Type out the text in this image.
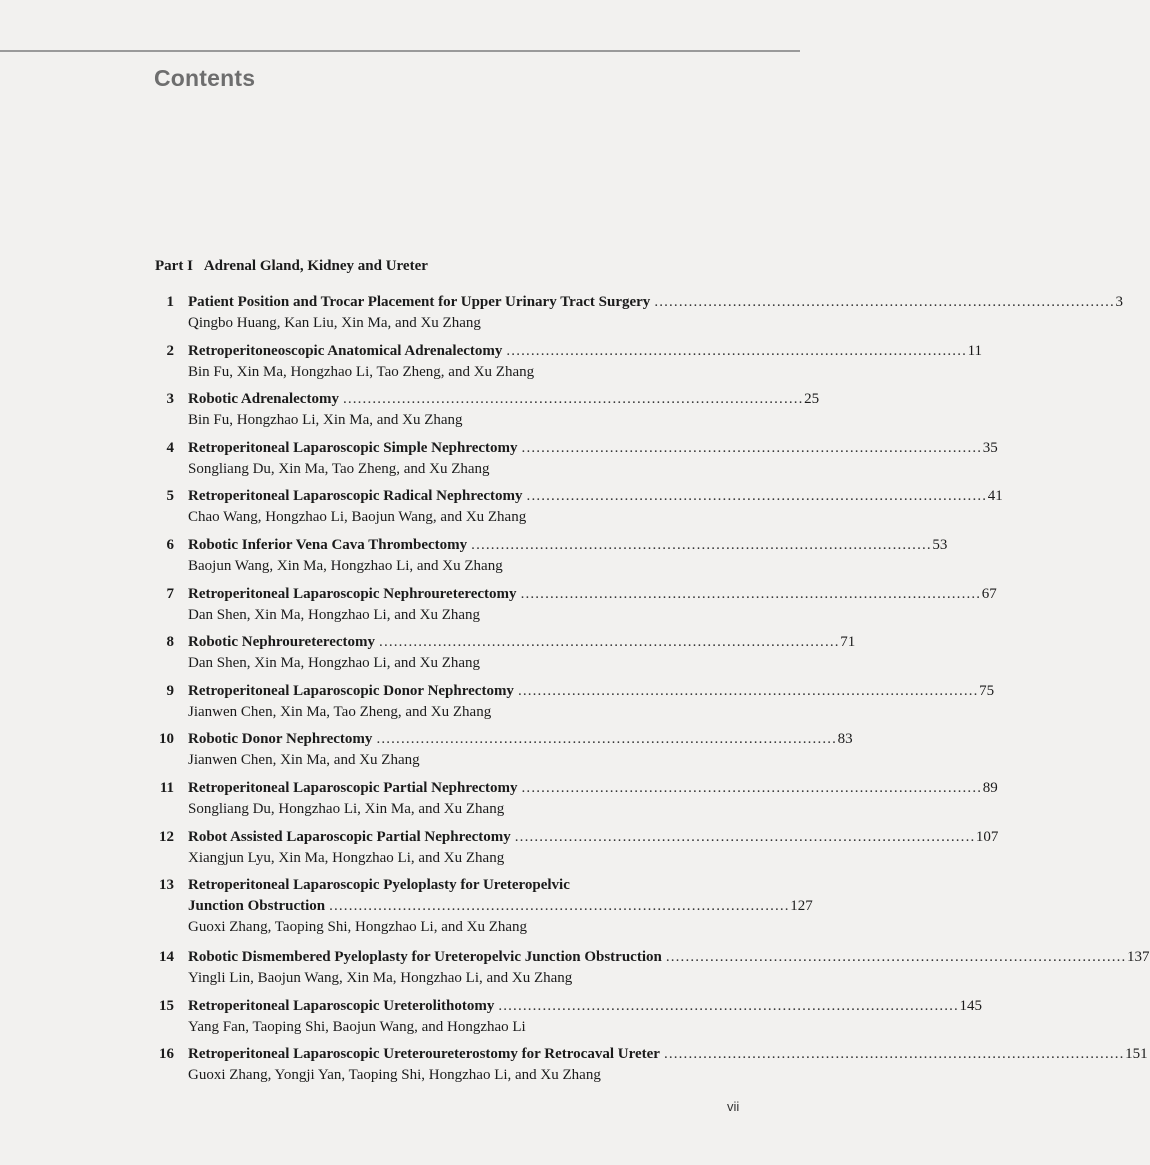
Contents
Part I Adrenal Gland, Kidney and Ureter
1 Patient Position and Trocar Placement for Upper Urinary Tract Surgery . . .	3
Qingbo Huang, Kan Liu, Xin Ma, and Xu Zhang
2 Retroperitoneoscopic Anatomical Adrenalectomy . . .	11
Bin Fu, Xin Ma, Hongzhao Li, Tao Zheng, and Xu Zhang
3 Robotic Adrenalectomy . . .	25
Bin Fu, Hongzhao Li, Xin Ma, and Xu Zhang
4 Retroperitoneal Laparoscopic Simple Nephrectomy . . .	35
Songliang Du, Xin Ma, Tao Zheng, and Xu Zhang
5 Retroperitoneal Laparoscopic Radical Nephrectomy . . .	41
Chao Wang, Hongzhao Li, Baojun Wang, and Xu Zhang
6 Robotic Inferior Vena Cava Thrombectomy . . .	53
Baojun Wang, Xin Ma, Hongzhao Li, and Xu Zhang
7 Retroperitoneal Laparoscopic Nephroureterectomy . . .	67
Dan Shen, Xin Ma, Hongzhao Li, and Xu Zhang
8 Robotic Nephroureterectomy . . .	71
Dan Shen, Xin Ma, Hongzhao Li, and Xu Zhang
9 Retroperitoneal Laparoscopic Donor Nephrectomy . . .	75
Jianwen Chen, Xin Ma, Tao Zheng, and Xu Zhang
10 Robotic Donor Nephrectomy . . .	83
Jianwen Chen, Xin Ma, and Xu Zhang
11 Retroperitoneal Laparoscopic Partial Nephrectomy . . .	89
Songliang Du, Hongzhao Li, Xin Ma, and Xu Zhang
12 Robot Assisted Laparoscopic Partial Nephrectomy . . .	107
Xiangjun Lyu, Xin Ma, Hongzhao Li, and Xu Zhang
13 Retroperitoneal Laparoscopic Pyeloplasty for Ureteropelvic
Junction Obstruction . . .	127
Guoxi Zhang, Taoping Shi, Hongzhao Li, and Xu Zhang
14 Robotic Dismembered Pyeloplasty for Ureteropelvic Junction Obstruction . . .	137
Yingli Lin, Baojun Wang, Xin Ma, Hongzhao Li, and Xu Zhang
15 Retroperitoneal Laparoscopic Ureterolithotomy . . .	145
Yang Fan, Taoping Shi, Baojun Wang, and Hongzhao Li
16 Retroperitoneal Laparoscopic Ureteroureterostomy for Retrocaval Ureter . . .	151
Guoxi Zhang, Yongji Yan, Taoping Shi, Hongzhao Li, and Xu Zhang
vii
